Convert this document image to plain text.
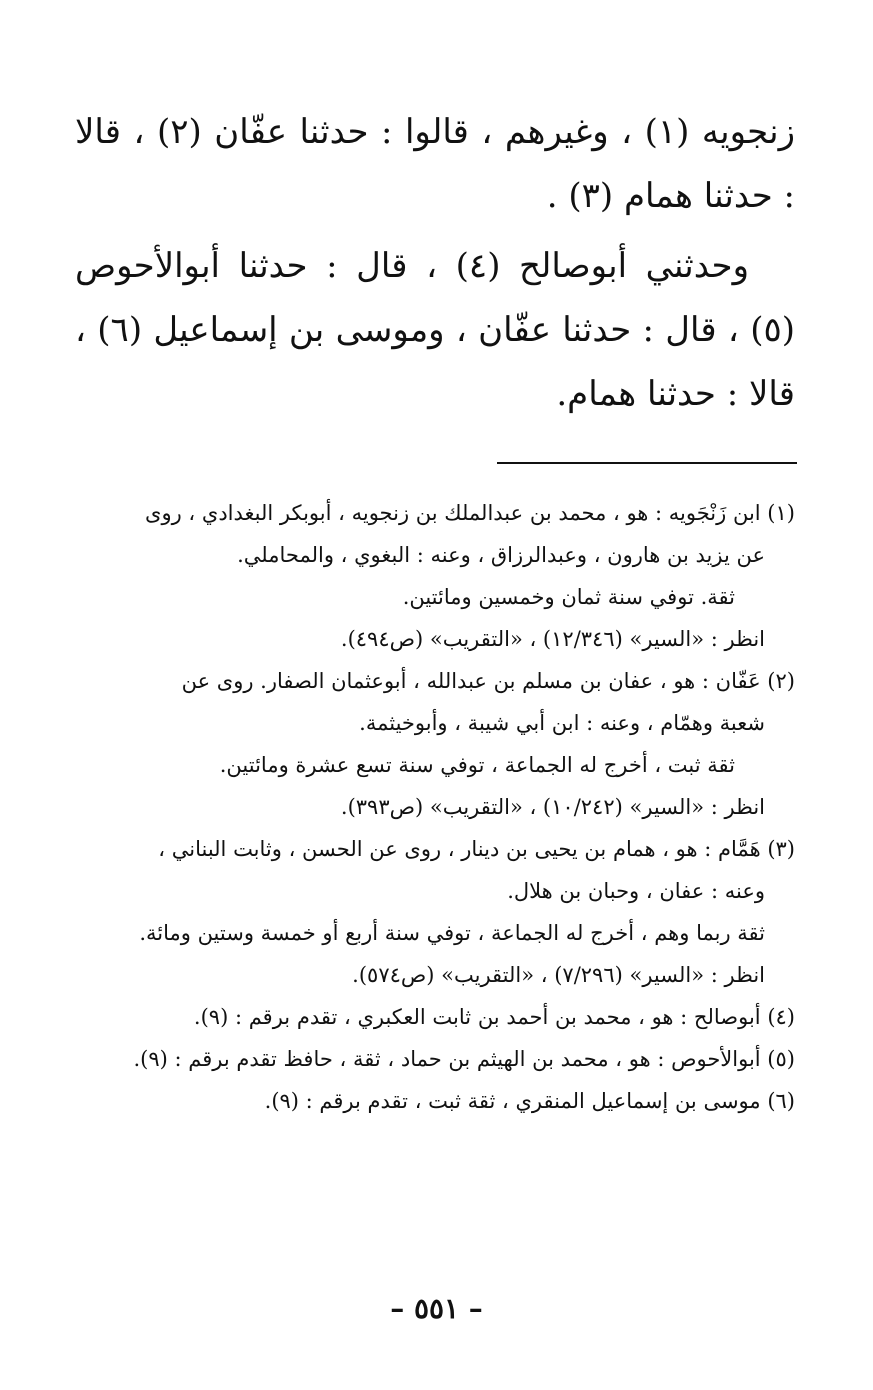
زنجويه (١) ، وغيرهم ، قالوا : حدثنا عفّان (٢) ، قالا : حدثنا همام (٣) .

وحدثني أبوصالح (٤) ، قال : حدثنا أبوالأحوص (٥) ، قال : حدثنا عفّان ، وموسى بن إسماعيل (٦) ، قالا : حدثنا همام.

(١) ابن زَنْجَويه : هو ، محمد بن عبدالملك بن زنجويه ، أبوبكر البغدادي ، روى

عن يزيد بن هارون ، وعبدالرزاق ، وعنه : البغوي ، والمحاملي.

ثقة. توفي سنة ثمان وخمسين ومائتين.

انظر : «السير» (١٢/٣٤٦) ، «التقريب» (ص٤٩٤).

(٢) عَفّان : هو ، عفان بن مسلم بن عبدالله ، أبوعثمان الصفار. روى عن

شعبة وهمّام ، وعنه : ابن أبي شيبة ، وأبوخيثمة.

ثقة ثبت ، أخرج له الجماعة ، توفي سنة تسع عشرة ومائتين.

انظر : «السير» (١٠/٢٤٢) ، «التقريب» (ص٣٩٣).

(٣) هَمَّام : هو ، همام بن يحيى بن دينار ، روى عن الحسن ، وثابت البناني ،

وعنه : عفان ، وحبان بن هلال.

ثقة ربما وهم ، أخرج له الجماعة ، توفي سنة أربع أو خمسة وستين ومائة.

انظر : «السير» (٧/٢٩٦) ، «التقريب» (ص٥٧٤).

(٤) أبوصالح : هو ، محمد بن أحمد بن ثابت العكبري ، تقدم برقم : (٩).

(٥) أبوالأحوص : هو ، محمد بن الهيثم بن حماد ، ثقة ، حافظ تقدم برقم : (٩).

(٦) موسى بن إسماعيل المنقري ، ثقة ثبت ، تقدم برقم : (٩).

– ٥٥١ –
